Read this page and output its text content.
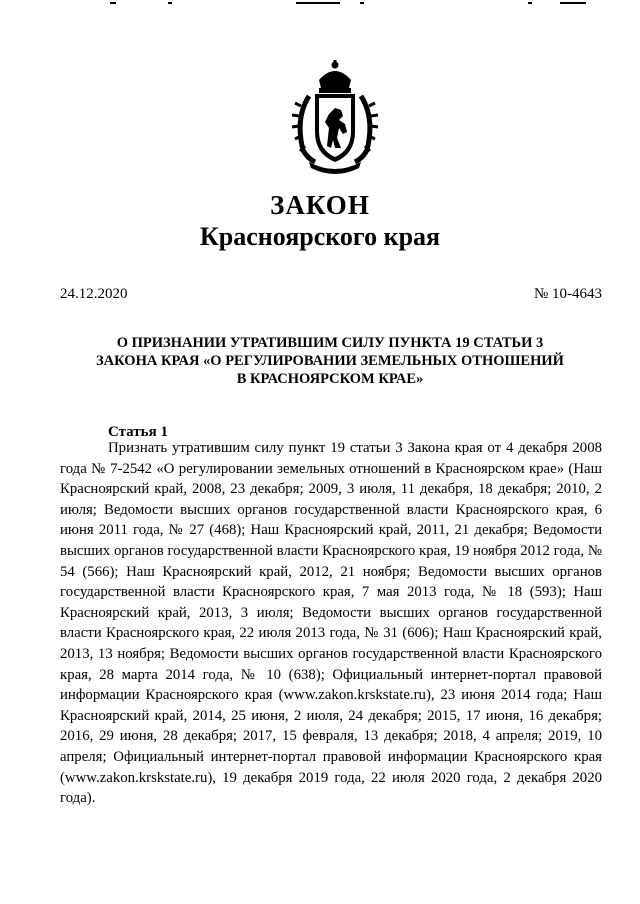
ЗАКОН
Красноярского края
24.12.2020	№ 10-4643
О ПРИЗНАНИИ УТРАТИВШИМ СИЛУ ПУНКТА 19 СТАТЬИ 3
ЗАКОНА КРАЯ «О РЕГУЛИРОВАНИИ ЗЕМЕЛЬНЫХ ОТНОШЕНИЙ
В КРАСНОЯРСКОМ КРАЕ»
Статья 1
Признать утратившим силу пункт 19 статьи 3 Закона края от 4 декабря 2008 года № 7-2542 «О регулировании земельных отношений в Красноярском крае» (Наш Красноярский край, 2008, 23 декабря; 2009, 3 июля, 11 декабря, 18 декабря; 2010, 2 июля; Ведомости высших органов государственной власти Красноярского края, 6 июня 2011 года, № 27 (468); Наш Красноярский край, 2011, 21 декабря; Ведомости высших органов государственной власти Красноярского края, 19 ноября 2012 года, № 54 (566); Наш Красноярский край, 2012, 21 ноября; Ведомости высших органов государственной власти Красноярского края, 7 мая 2013 года, № 18 (593); Наш Красноярский край, 2013, 3 июля; Ведомости высших органов государственной власти Красноярского края, 22 июля 2013 года, № 31 (606); Наш Красноярский край, 2013, 13 ноября; Ведомости высших органов государственной власти Красноярского края, 28 марта 2014 года, № 10 (638); Официальный интернет-портал правовой информации Красноярского края (www.zakon.krskstate.ru), 23 июня 2014 года; Наш Красноярский край, 2014, 25 июня, 2 июля, 24 декабря; 2015, 17 июня, 16 декабря; 2016, 29 июня, 28 декабря; 2017, 15 февраля, 13 декабря; 2018, 4 апреля; 2019, 10 апреля; Официальный интернет-портал правовой информации Красноярского края (www.zakon.krskstate.ru), 19 декабря 2019 года, 22 июля 2020 года, 2 декабря 2020 года).
